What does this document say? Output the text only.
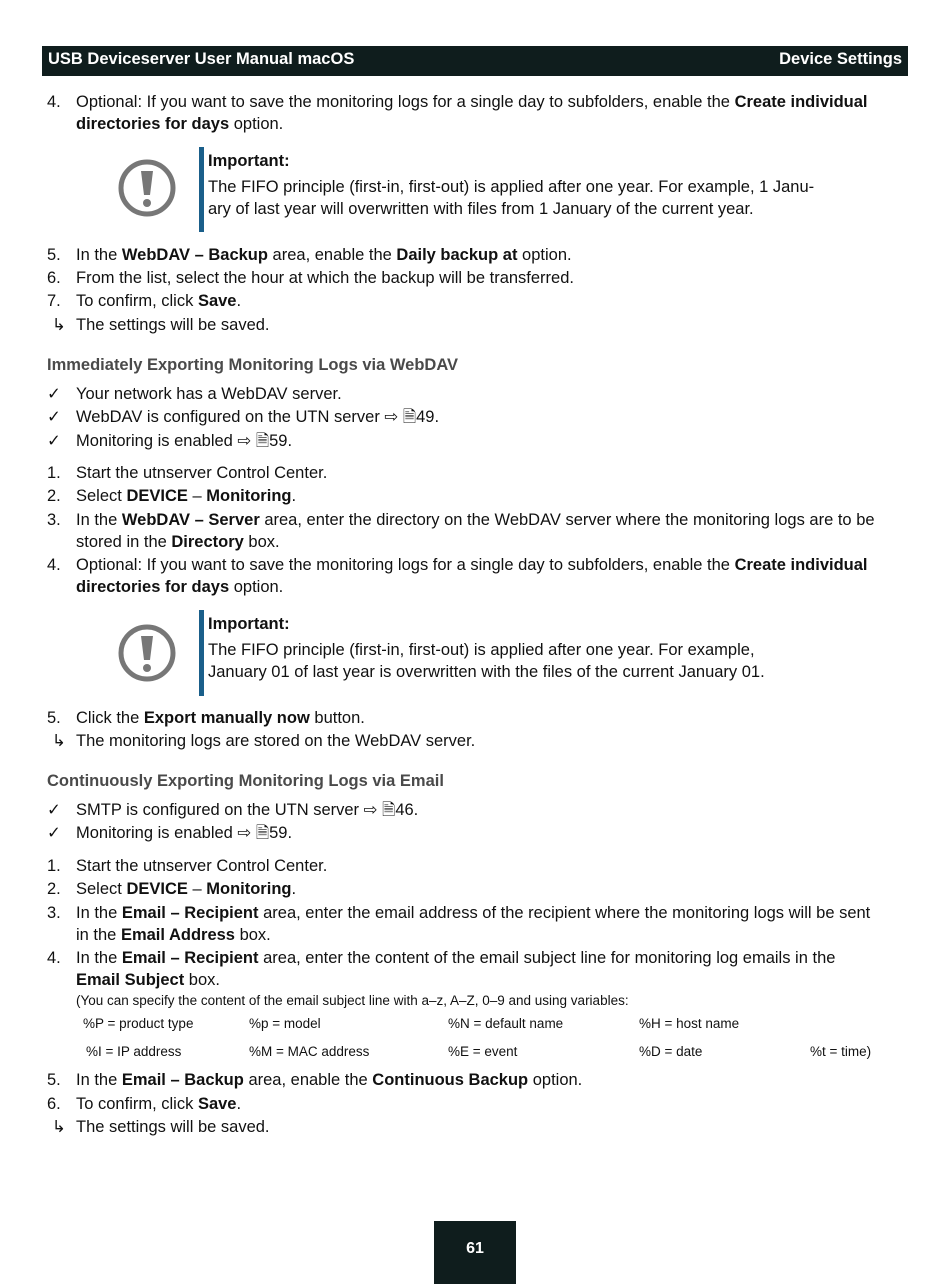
USB Deviceserver User Manual macOS	Device Settings
4. Optional: If you want to save the monitoring logs for a single day to subfolders, enable the Create individual
directories for days option.
Important:
The FIFO principle (first-in, first-out) is applied after one year. For example, 1 Janu-
ary of last year will overwritten with files from 1 January of the current year.
5. In the WebDAV – Backup area, enable the Daily backup at option.
6. From the list, select the hour at which the backup will be transferred.
7. To confirm, click Save.
↳ The settings will be saved.
Immediately Exporting Monitoring Logs via WebDAV
✓ Your network has a WebDAV server.
✓ WebDAV is configured on the UTN server ⇨ 🗎49.
✓ Monitoring is enabled ⇨ 🗎59.
1. Start the utnserver Control Center.
2. Select DEVICE – Monitoring.
3. In the WebDAV – Server area, enter the directory on the WebDAV server where the monitoring logs are to be
stored in the Directory box.
4. Optional: If you want to save the monitoring logs for a single day to subfolders, enable the Create individual
directories for days option.
Important:
The FIFO principle (first-in, first-out) is applied after one year. For example,
January 01 of last year is overwritten with the files of the current January 01.
5. Click the Export manually now button.
↳ The monitoring logs are stored on the WebDAV server.
Continuously Exporting Monitoring Logs via Email
✓ SMTP is configured on the UTN server ⇨ 🗎46.
✓ Monitoring is enabled ⇨ 🗎59.
1. Start the utnserver Control Center.
2. Select DEVICE – Monitoring.
3. In the Email – Recipient area, enter the email address of the recipient where the monitoring logs will be sent
in the Email Address box.
4. In the Email – Recipient area, enter the content of the email subject line for monitoring log emails in the
Email Subject box.
(You can specify the content of the email subject line with a–z, A–Z, 0–9 and using variables:
%P = product type	%p = model	%N = default name	%H = host name
%I = IP address	%M = MAC address	%E = event	%D = date	%t = time)
5. In the Email – Backup area, enable the Continuous Backup option.
6. To confirm, click Save.
↳ The settings will be saved.
61
